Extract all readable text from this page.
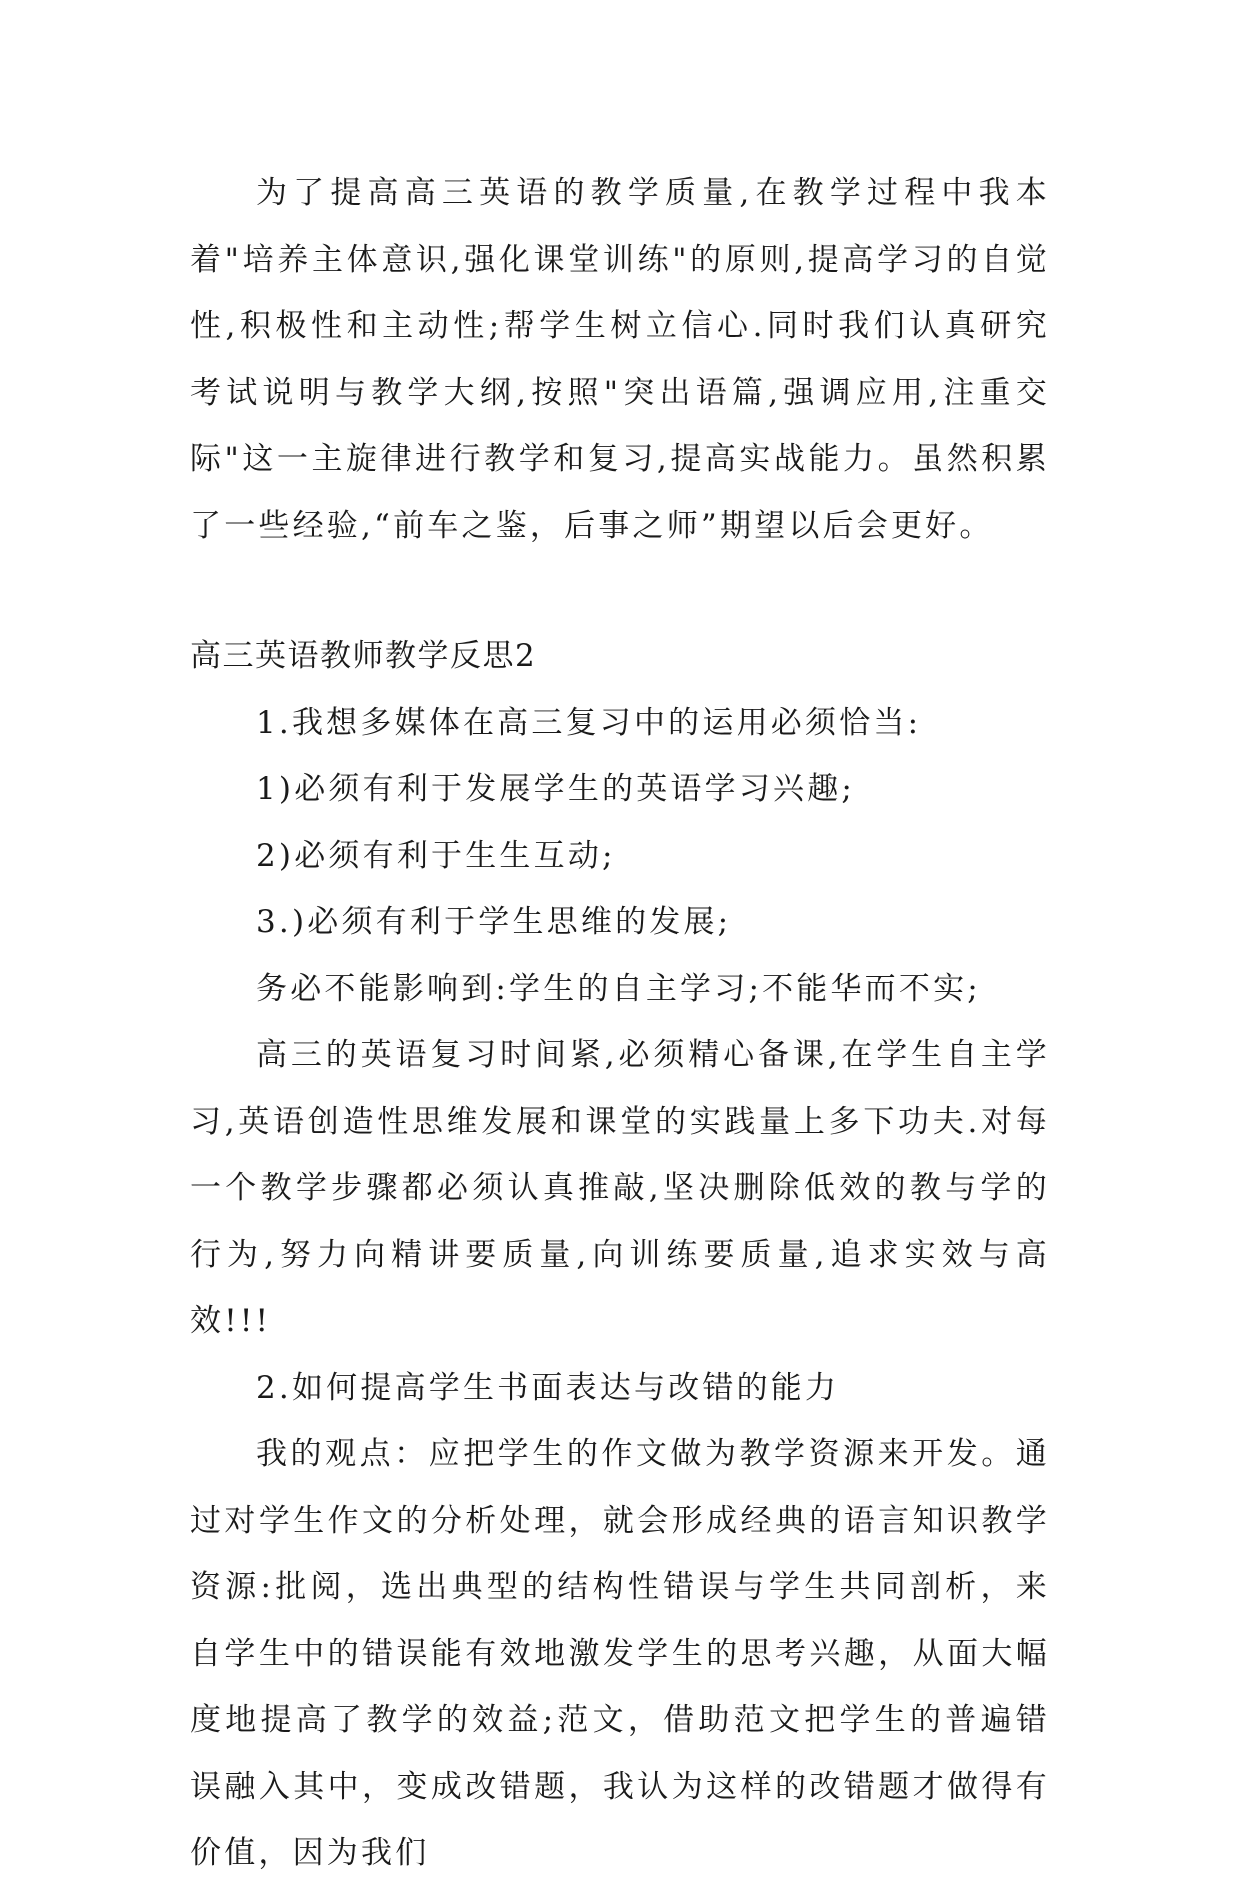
为了提高高三英语的教学质量,在教学过程中我本着"培养主体意识,强化课堂训练"的原则,提高学习的自觉性,积极性和主动性;帮学生树立信心.同时我们认真研究考试说明与教学大纲,按照"突出语篇,强调应用,注重交际"这一主旋律进行教学和复习,提高实战能力。虽然积累了一些经验,“前车之鉴，后事之师”期望以后会更好。

高三英语教师教学反思2

1.我想多媒体在高三复习中的运用必须恰当:

1)必须有利于发展学生的英语学习兴趣;

2)必须有利于生生互动;

3.)必须有利于学生思维的发展;

务必不能影响到:学生的自主学习;不能华而不实;

高三的英语复习时间紧,必须精心备课,在学生自主学习,英语创造性思维发展和课堂的实践量上多下功夫.对每一个教学步骤都必须认真推敲,坚决删除低效的教与学的行为,努力向精讲要质量,向训练要质量,追求实效与高效!!!

2.如何提高学生书面表达与改错的能力

我的观点：应把学生的作文做为教学资源来开发。通过对学生作文的分析处理，就会形成经典的语言知识教学资源:批阅，选出典型的结构性错误与学生共同剖析，来自学生中的错误能有效地激发学生的思考兴趣，从面大幅度地提高了教学的效益;范文，借助范文把学生的普遍错误融入其中，变成改错题，我认为这样的改错题才做得有价值，因为我们
